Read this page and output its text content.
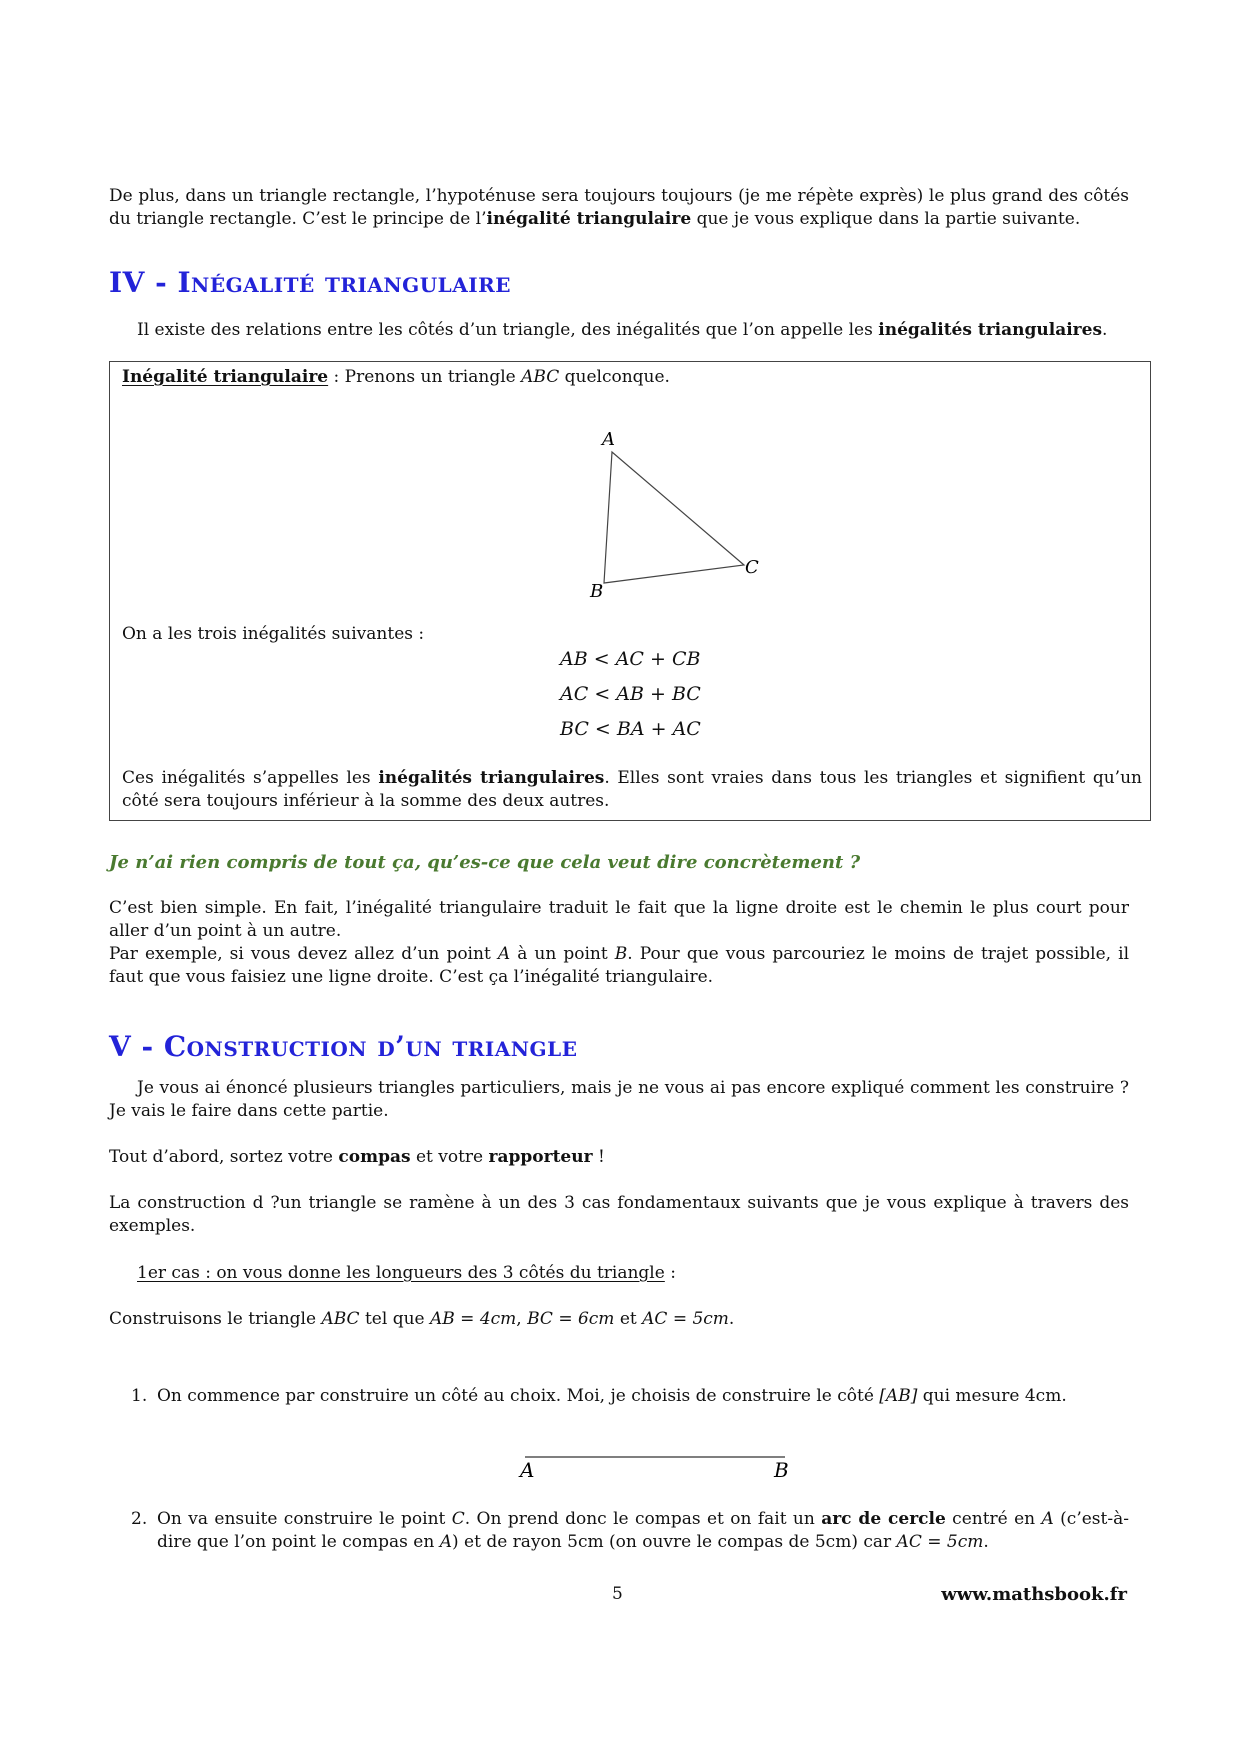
De plus, dans un triangle rectangle, l’hypoténuse sera toujours toujours (je me répète exprès) le plus grand des côtés du triangle rectangle. C’est le principe de l’inégalité triangulaire que je vous explique dans la partie suivante.

IV - Inégalité triangulaire

Il existe des relations entre les côtés d’un triangle, des inégalités que l’on appelle les inégalités triangulaires.

Inégalité triangulaire : Prenons un triangle ABC quelconque.

A
B
C

On a les trois inégalités suivantes :

AB < AC + CB
AC < AB + BC
BC < BA + AC

Ces inégalités s’appelles les inégalités triangulaires. Elles sont vraies dans tous les triangles et signifient qu’un côté sera toujours inférieur à la somme des deux autres.

Je n’ai rien compris de tout ça, qu’es-ce que cela veut dire concrètement ?

C’est bien simple. En fait, l’inégalité triangulaire traduit le fait que la ligne droite est le chemin le plus court pour aller d’un point à un autre.

Par exemple, si vous devez allez d’un point A à un point B. Pour que vous parcouriez le moins de trajet possible, il faut que vous faisiez une ligne droite. C’est ça l’inégalité triangulaire.

V - Construction d’un triangle

Je vous ai énoncé plusieurs triangles particuliers, mais je ne vous ai pas encore expliqué comment les construire ? Je vais le faire dans cette partie.

Tout d’abord, sortez votre compas et votre rapporteur !

La construction d ?un triangle se ramène à un des 3 cas fondamentaux suivants que je vous explique à travers des exemples.

1er cas : on vous donne les longueurs des 3 côtés du triangle :

Construisons le triangle ABC tel que AB = 4cm, BC = 6cm et AC = 5cm.

1. On commence par construire un côté au choix. Moi, je choisis de construire le côté [AB] qui mesure 4cm.
A	B
2. On va ensuite construire le point C. On prend donc le compas et on fait un arc de cercle centré en A (c’est-à-dire que l’on point le compas en A) et de rayon 5cm (on ouvre le compas de 5cm) car AC = 5cm.
5	www.mathsbook.fr
